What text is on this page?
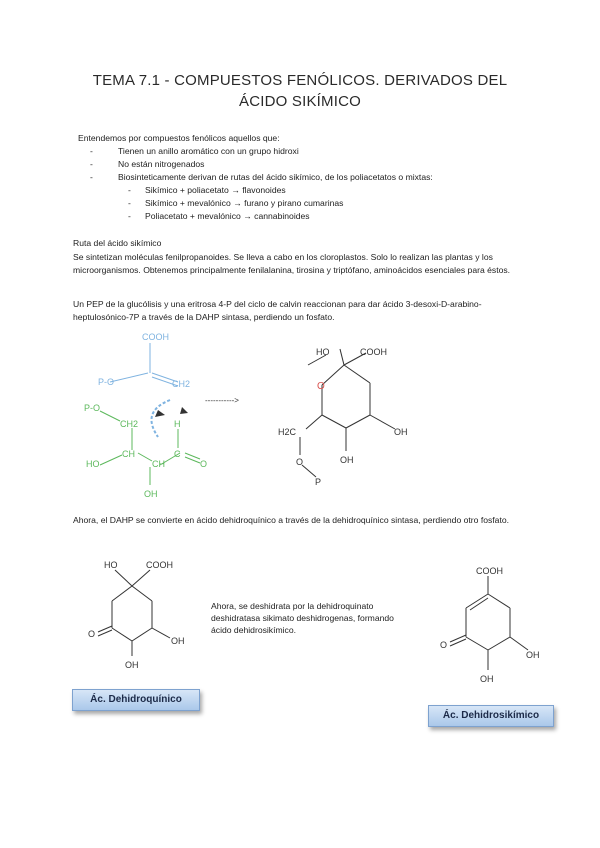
TEMA 7.1 - COMPUESTOS FENÓLICOS. DERIVADOS DEL
ÁCIDO SIKÍMICO
Entendemos por compuestos fenólicos aquellos que:
- Tienen un anillo aromático con un grupo hidroxi
- No están nitrogenados
- Biosinteticamente derivan de rutas del ácido sikímico, de los poliacetatos o mixtas:
- Sikímico + poliacetato → flavonoides
- Sikímico + mevalónico → furano y pirano cumarinas
- Poliacetato + mevalónico → cannabinoides
Ruta del ácido sikímico
Se sintetizan moléculas fenilpropanoides. Se lleva a cabo en los cloroplastos. Solo lo realizan las plantas y los microorganismos. Obtenemos principalmente fenilalanina, tirosina y triptófano, aminoácidos esenciales para éstos.
Un PEP de la glucólisis y una eritrosa 4-P del ciclo de calvin reaccionan para dar ácido 3-desoxi-D-arabino-heptulosónico-7P a través de la DAHP sintasa, perdiendo un fosfato.
COOH
P-O	CH2
P-O
CH2	H
HO
CH
CH
C
O
OH
----------->
HO	COOH
O
H2C	OH
OH
O
P
Ahora, el DAHP se convierte en ácido dehidroquínico a través de la dehidroquínico sintasa, perdiendo otro fosfato.
HO	COOH
O
OH
OH
Ác. Dehidroquínico
Ahora, se deshidrata por la dehidroquinato deshidratasa sikimato deshidrogenas, formando ácido dehidrosikímico.
COOH
O
OH
OH
Ác. Dehidrosikímico
